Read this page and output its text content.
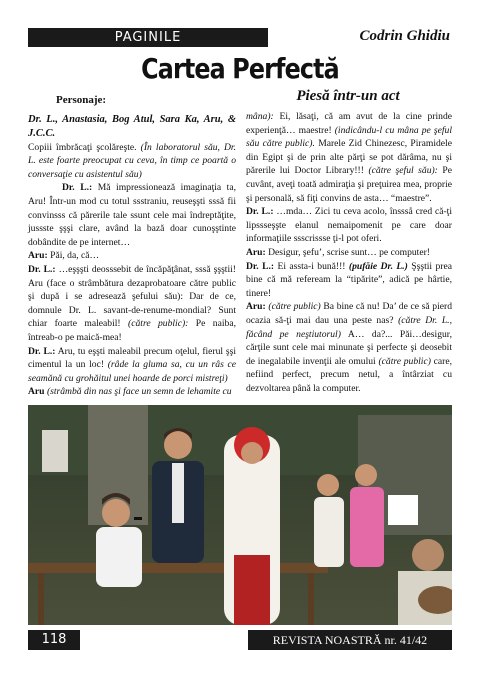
PAGINILE	Codrin Ghidiu
Cartea Perfectă
Piesă într-un act

Personaje:

Dr. L., Anastasia, Bog Atul, Sara Ka, Aru, & J.C.C.

Copiii îmbrăcaţi şcolăreşte. (În laboratorul său, Dr. L. este foarte preocupat cu ceva, în timp ce poartă o conversaţie cu asistentul său)

Dr. L.: Mă impressionează imaginaţia ta, Aru! Într-un mod cu totul ssstraniu, reuseşşti sssă fii convinsss că părerile tale ssunt cele mai îndreptăţite, jussste şşşi clare, având la bază doar cunoşştinte dobândite de pe internet…

Aru: Păi, da, că…

Dr. L.: …eşşşti deosssebit de încăpăţânat, sssă şşştii! Aru (face o strâmbătura dezaprobatoare către public şi după i se adresează şefului său): Dar de ce, domnule Dr. L. savant-de-renume-mondial? Sunt chiar foarte maleabil! (către public): Pe naiba, întreab-o pe maică-mea!

Dr. L.: Aru, tu eşşti maleabil precum oţelul, fierul şşi cimentul la un loc! (râde la gluma sa, cu un râs ce seamănă cu grohăitul unei hoarde de porci mistreţi)

Aru (strâmbă din nas şi face un semn de lehamite cu

mâna): Ei, lăsaţi, că am avut de la cine prinde experienţă… maestre! (indicându-l cu mâna pe şeful său către public). Marele Zid Chinezesc, Piramidele din Egipt şi de prin alte părţi se pot dărâma, nu şi părerile lui Doctor Library!!! (către şeful său): Pe cuvânt, aveţi toată admiraţia şi preţuirea mea, proprie şi personală, să fiţi convins de asta… “maestre”.

Dr. L.: …mda… Zici tu ceva acolo, înssså cred că-ţi lipssseşşte elanul nemaipomenit pe care doar informaţiile ssscrissse ţi-l pot oferi.

Aru: Desigur, şefu’, scrise sunt… pe computer!

Dr. L.: Ei assta-i bună!!! (pufăie Dr. L.) Şşştii prea bine că mă refeream la “tipărite”, adică pe hârtie, tinere!

Aru: (către public) Ba bine că nu! Da’ de ce să pierd ocazia să-ţi mai dau una peste nas? (către Dr. L., făcând pe neştiutorul) A… da?... Păi…desigur, cărţile sunt cele mai minunate şi perfecte şi deosebit de inegalabile invenţii ale omului (către public) care, nefiind perfect, precum netul, a întârziat cu dezvoltarea până la computer.

118	REVISTA NOASTRĂ nr. 41/42
